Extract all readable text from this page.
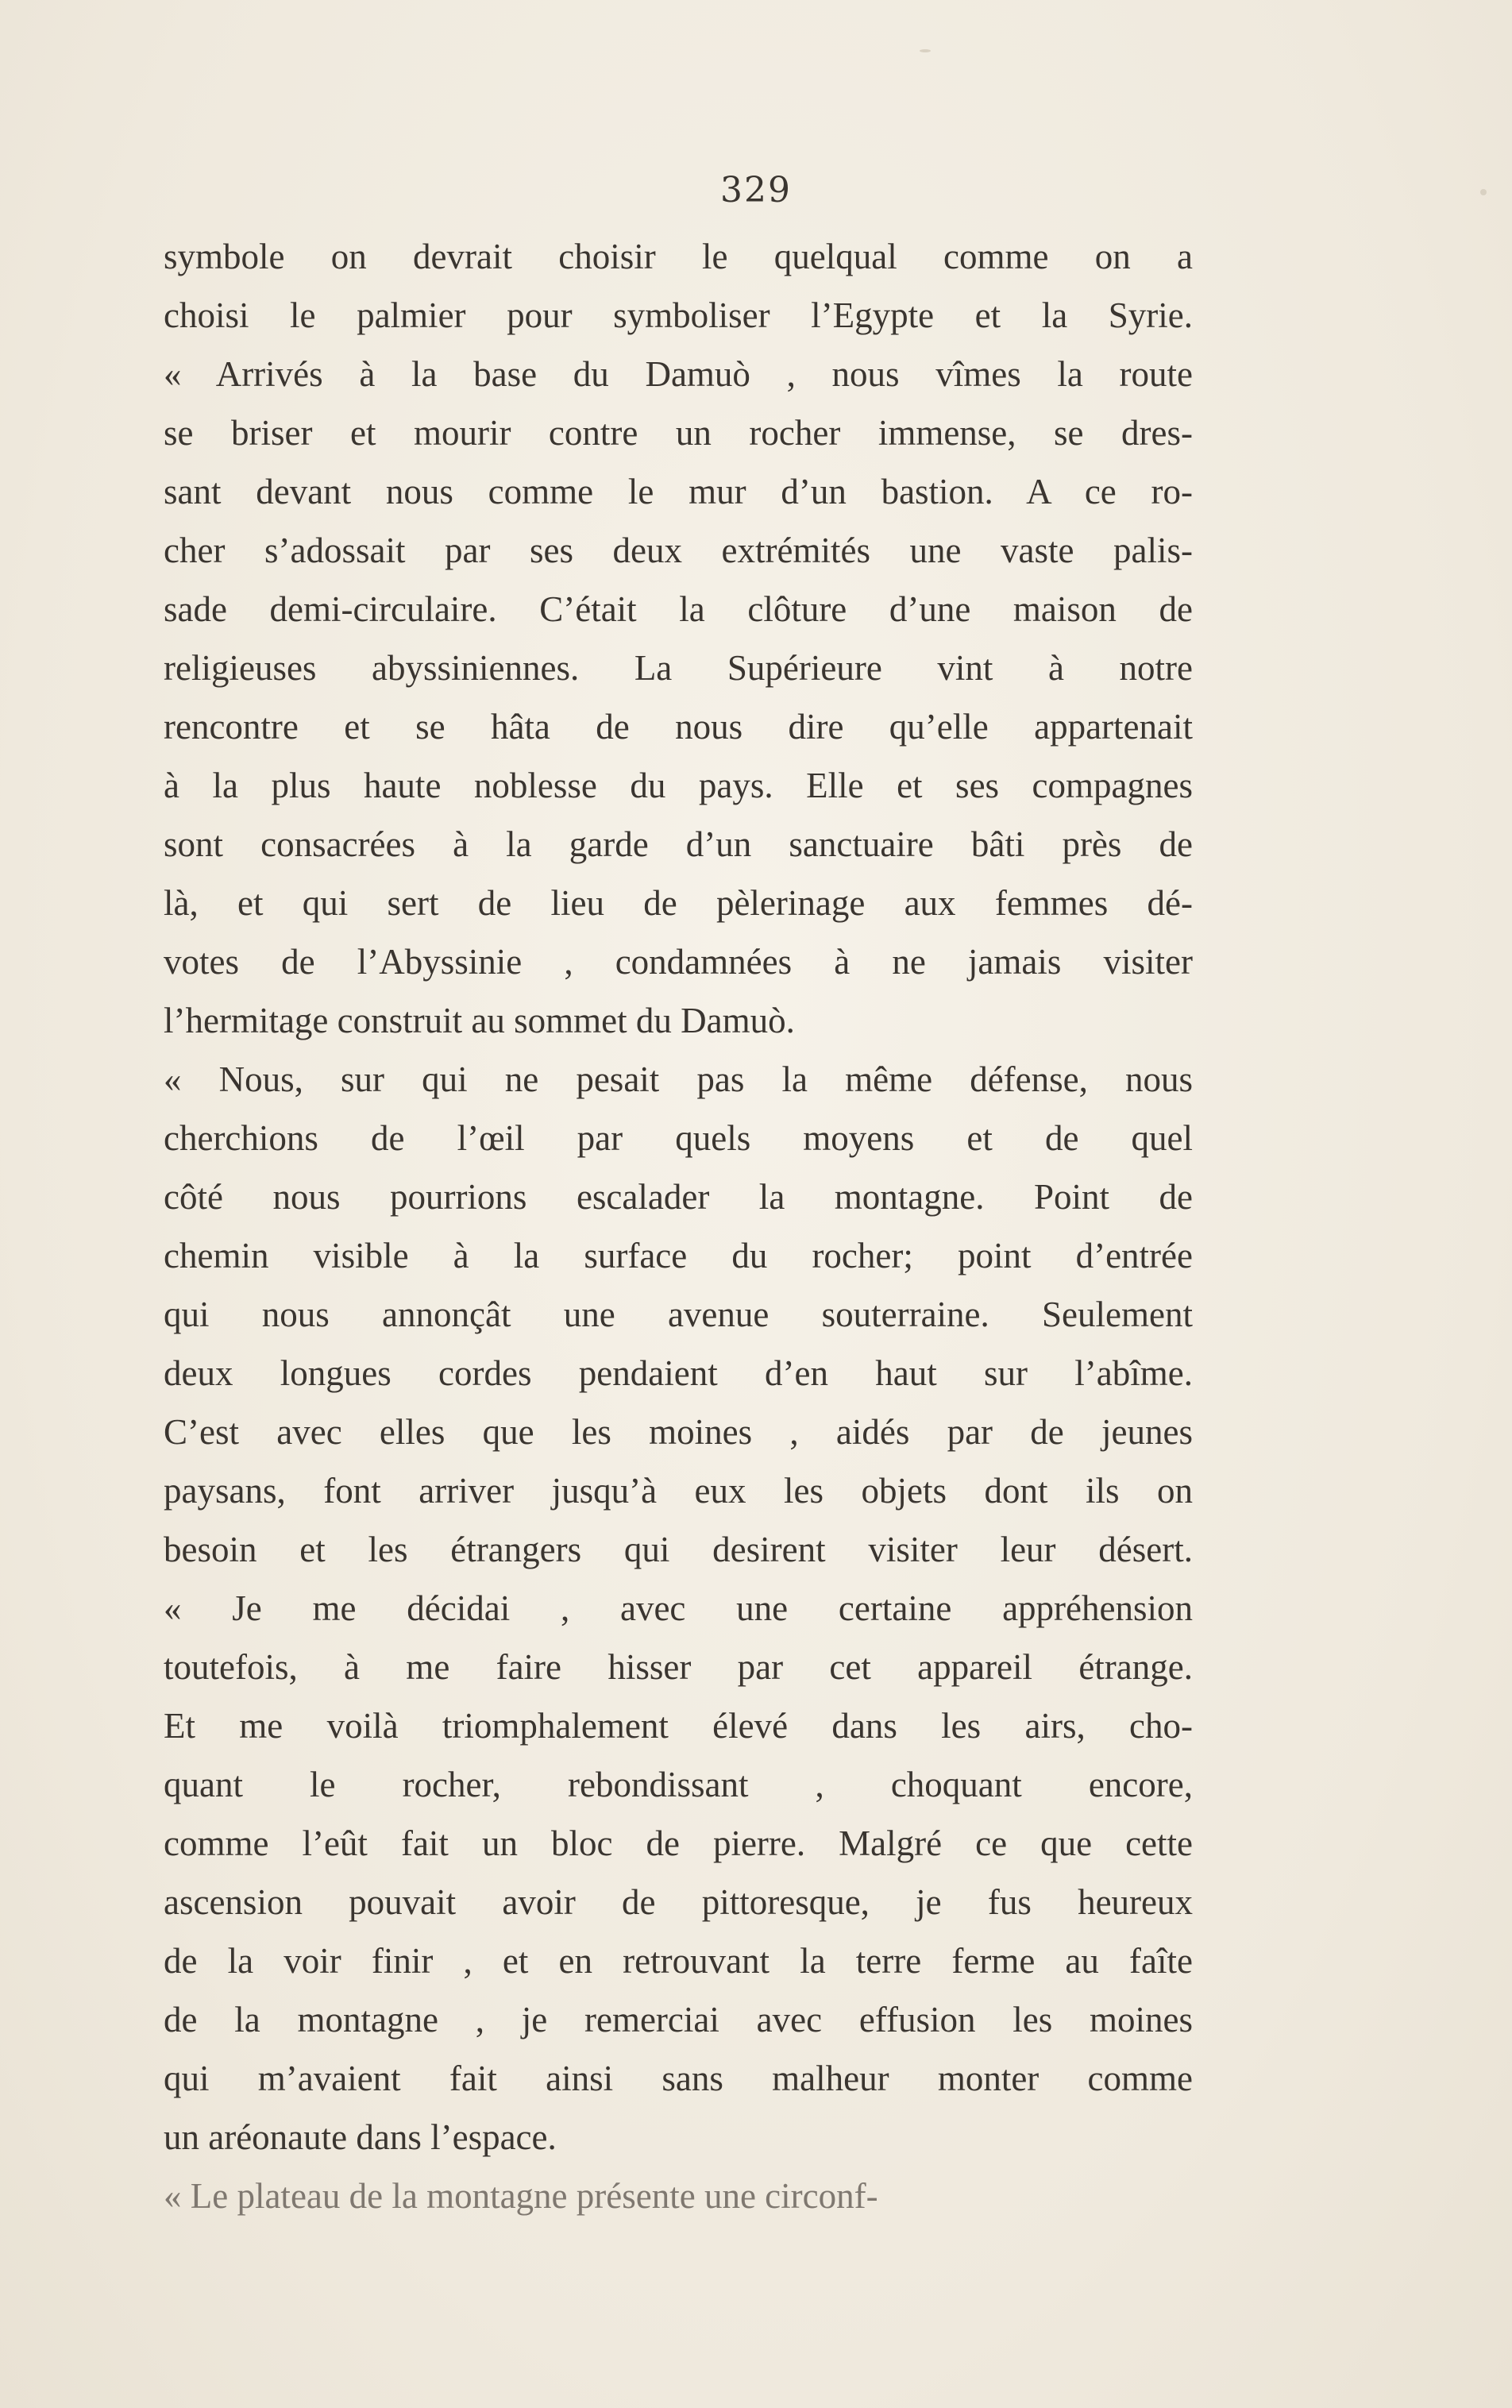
329
symbole on devrait choisir le quelqual comme on a
choisi le palmier pour symboliser l’Egypte et la Syrie.
« Arrivés à la base du Damuò , nous vîmes la route
se briser et mourir contre un rocher immense, se dres-
sant devant nous comme le mur d’un bastion. A ce ro-
cher s’adossait par ses deux extrémités une vaste palis-
sade demi-circulaire. C’était la clôture d’une maison de
religieuses abyssiniennes. La Supérieure vint à notre
rencontre et se hâta de nous dire qu’elle appartenait
à la plus haute noblesse du pays. Elle et ses compagnes
sont consacrées à la garde d’un sanctuaire bâti près de
là, et qui sert de lieu de pèlerinage aux femmes dé-
votes de l’Abyssinie , condamnées à ne jamais visiter
l’hermitage construit au sommet du Damuò.
« Nous, sur qui ne pesait pas la même défense, nous
cherchions de l’œil par quels moyens et de quel
côté nous pourrions escalader la montagne. Point de
chemin visible à la surface du rocher; point d’entrée
qui nous annonçât une avenue souterraine. Seulement
deux longues cordes pendaient d’en haut sur l’abîme.
C’est avec elles que les moines , aidés par de jeunes
paysans, font arriver jusqu’à eux les objets dont ils on
besoin et les étrangers qui desirent visiter leur désert.
« Je me décidai , avec une certaine appréhension
toutefois, à me faire hisser par cet appareil étrange.
Et me voilà triomphalement élevé dans les airs, cho-
quant le rocher, rebondissant , choquant encore,
comme l’eût fait un bloc de pierre. Malgré ce que cette
ascension pouvait avoir de pittoresque, je fus heureux
de la voir finir , et en retrouvant la terre ferme au faîte
de la montagne , je remerciai avec effusion les moines
qui m’avaient fait ainsi sans malheur monter comme
un aréonaute dans l’espace.
« Le plateau de la montagne présente une circonf-
